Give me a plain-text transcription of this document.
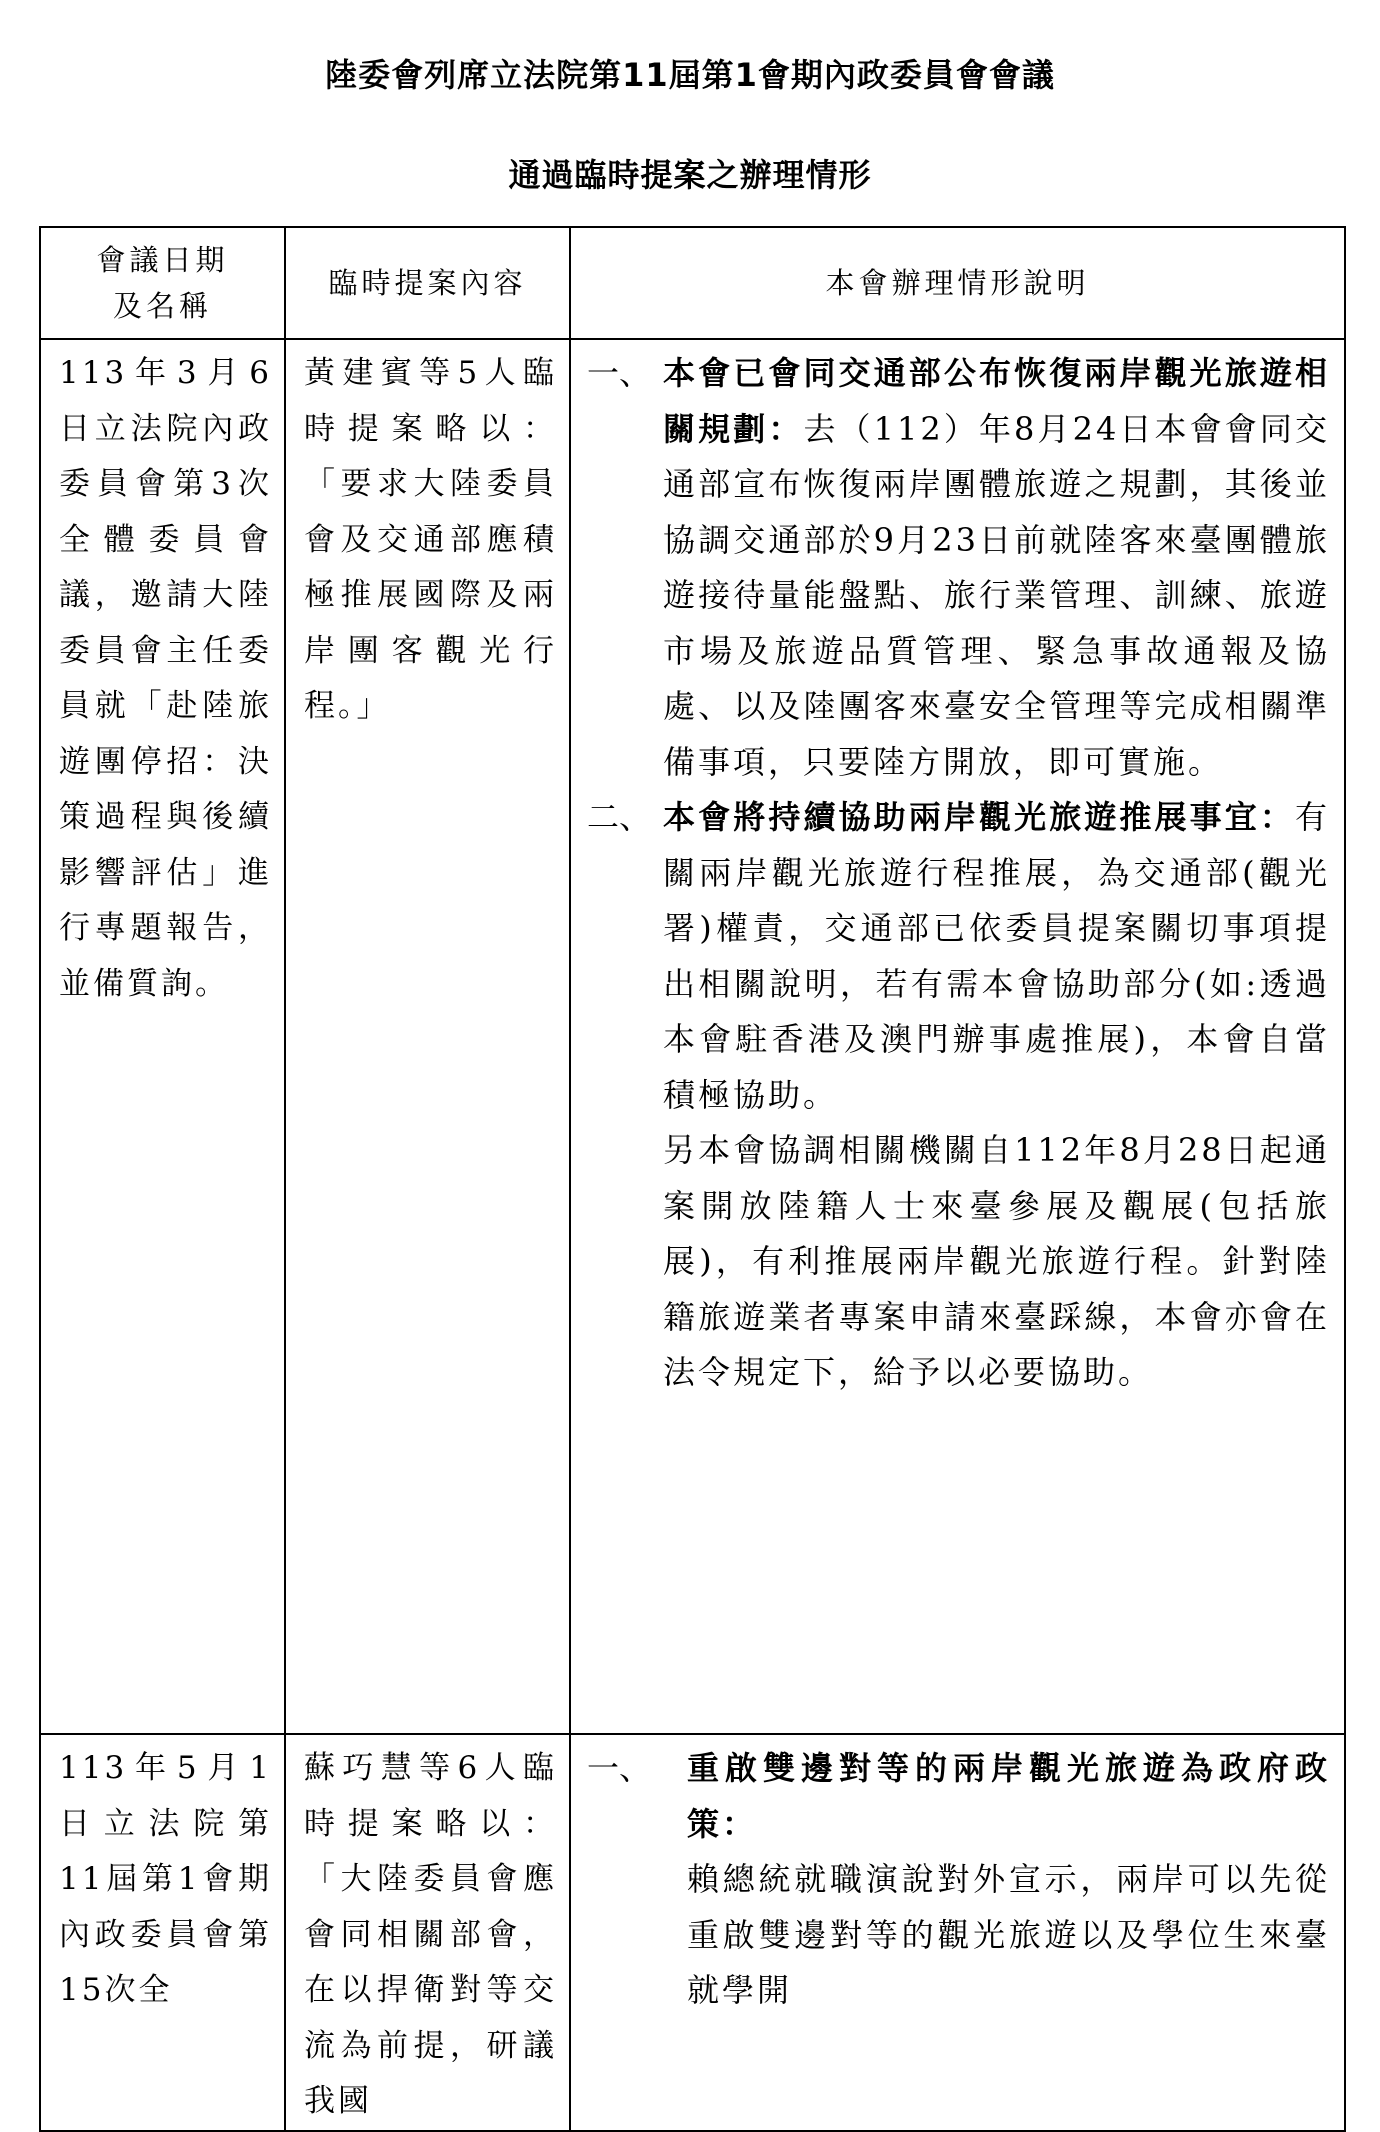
陸委會列席立法院第11屆第1會期內政委員會會議
通過臨時提案之辦理情形
會議日期及名稱	臨時提案內容	本會辦理情形說明

113年3月6日立法院內政委員會第3次全體委員會議，邀請大陸委員會主任委員就「赴陸旅遊團停招：決策過程與後續影響評估」進行專題報告，並備質詢。	黃建賓等5人臨時提案略以：「要求大陸委員會及交通部應積極推展國際及兩岸團客觀光行程。」	一、 本會已會同交通部公布恢復兩岸觀光旅遊相關規劃：去（112）年8月24日本會會同交通部宣布恢復兩岸團體旅遊之規劃，其後並協調交通部於9月23日前就陸客來臺團體旅遊接待量能盤點、旅行業管理、訓練、旅遊市場及旅遊品質管理、緊急事故通報及協處、以及陸團客來臺安全管理等完成相關準備事項，只要陸方開放，即可實施。
二、 本會將持續協助兩岸觀光旅遊推展事宜：有關兩岸觀光旅遊行程推展，為交通部(觀光署)權責，交通部已依委員提案關切事項提出相關說明，若有需本會協助部分(如:透過本會駐香港及澳門辦事處推展)，本會自當積極協助。
另本會協調相關機關自112年8月28日起通案開放陸籍人士來臺參展及觀展(包括旅展)，有利推展兩岸觀光旅遊行程。針對陸籍旅遊業者專案申請來臺踩線，本會亦會在法令規定下，給予以必要協助。

113年5月1日立法院第11屆第1會期內政委員會第15次全	蘇巧慧等6人臨時提案略以：「大陸委員會應會同相關部會，在以捍衛對等交流為前提，研議我國	一、 重啟雙邊對等的兩岸觀光旅遊為政府政策：
賴總統就職演說對外宣示，兩岸可以先從重啟雙邊對等的觀光旅遊以及學位生來臺就學開
